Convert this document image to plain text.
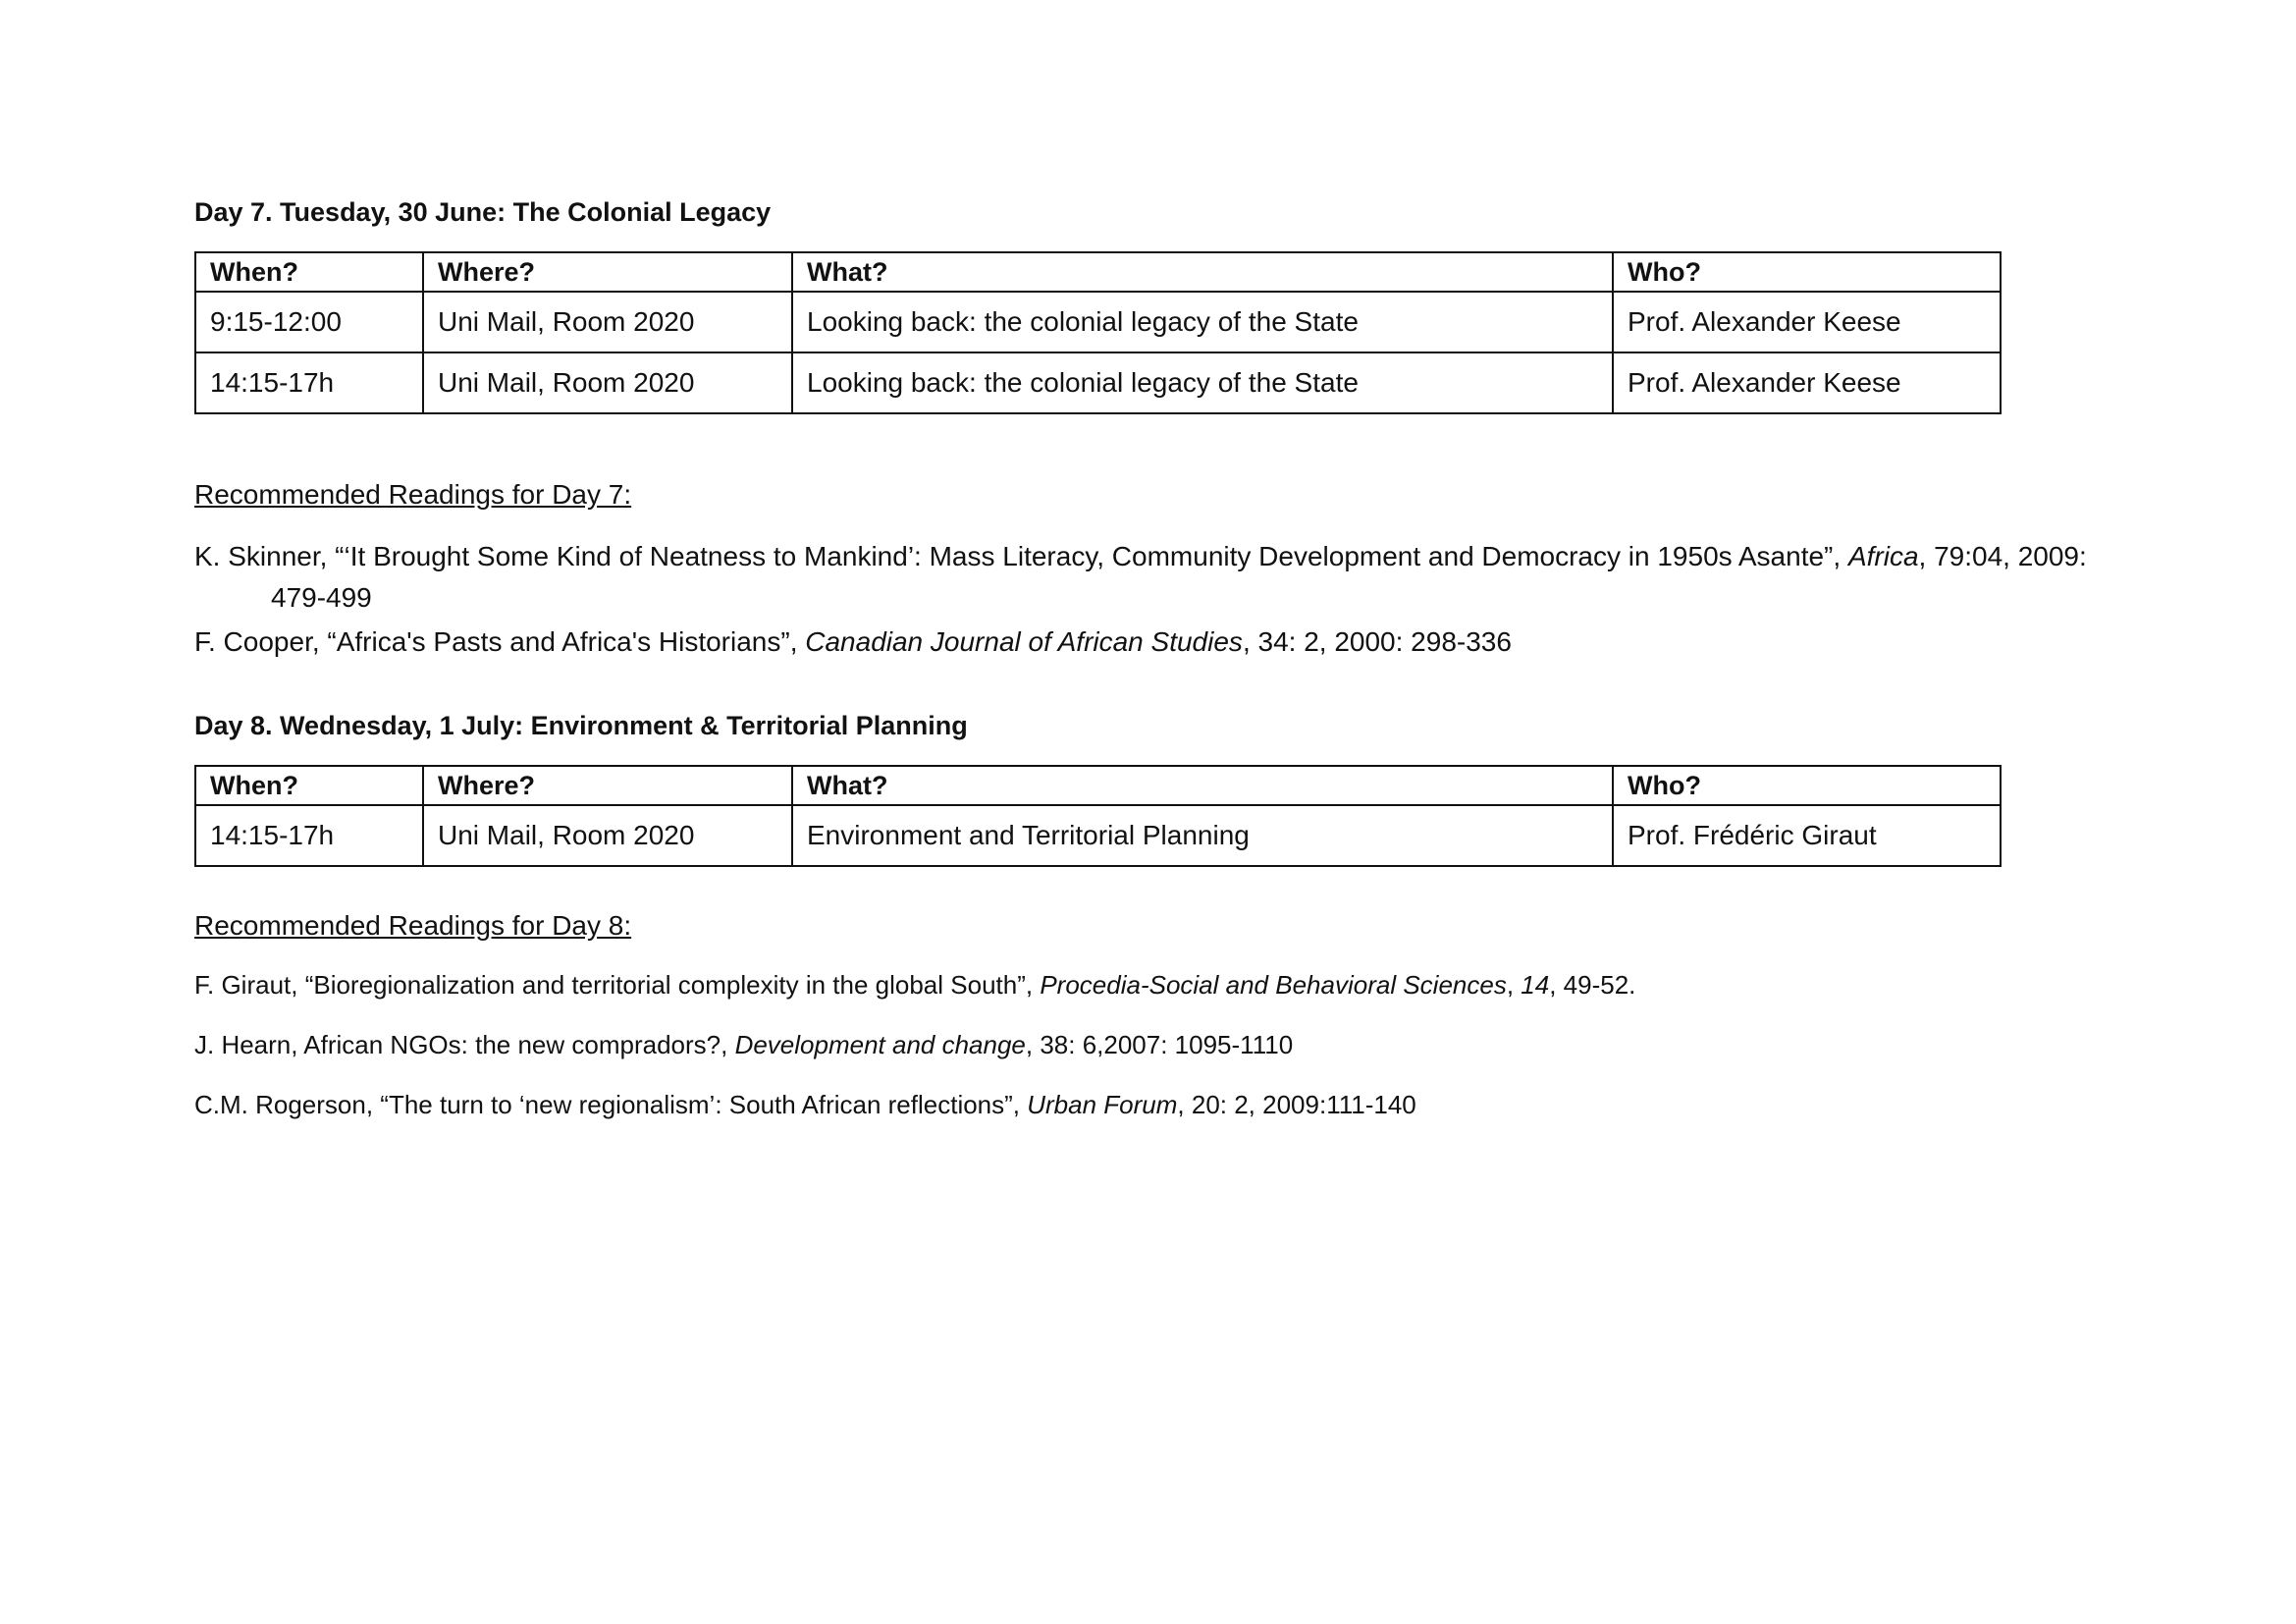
Day 7. Tuesday, 30 June: The Colonial Legacy

When?	Where?	What?	Who?
9:15-12:00	Uni Mail, Room 2020	Looking back: the colonial legacy of the State	Prof. Alexander Keese
14:15-17h	Uni Mail, Room 2020	Looking back: the colonial legacy of the State	Prof. Alexander Keese

Recommended Readings for Day 7:

K. Skinner, “‘It Brought Some Kind of Neatness to Mankind’: Mass Literacy, Community Development and Democracy in 1950s Asante”, Africa, 79:04, 2009: 479-499

F. Cooper, “Africa's Pasts and Africa's Historians”, Canadian Journal of African Studies, 34: 2, 2000: 298-336

Day 8. Wednesday, 1 July: Environment & Territorial Planning

When?	Where?	What?	Who?
14:15-17h	Uni Mail, Room 2020	Environment and Territorial Planning	Prof. Frédéric Giraut

Recommended Readings for Day 8:

F. Giraut, “Bioregionalization and territorial complexity in the global South”, Procedia-Social and Behavioral Sciences, 14, 49-52.

J. Hearn, African NGOs: the new compradors?, Development and change, 38: 6,2007: 1095-1110

C.M. Rogerson, “The turn to ‘new regionalism’: South African reflections”, Urban Forum, 20: 2, 2009:111-140
